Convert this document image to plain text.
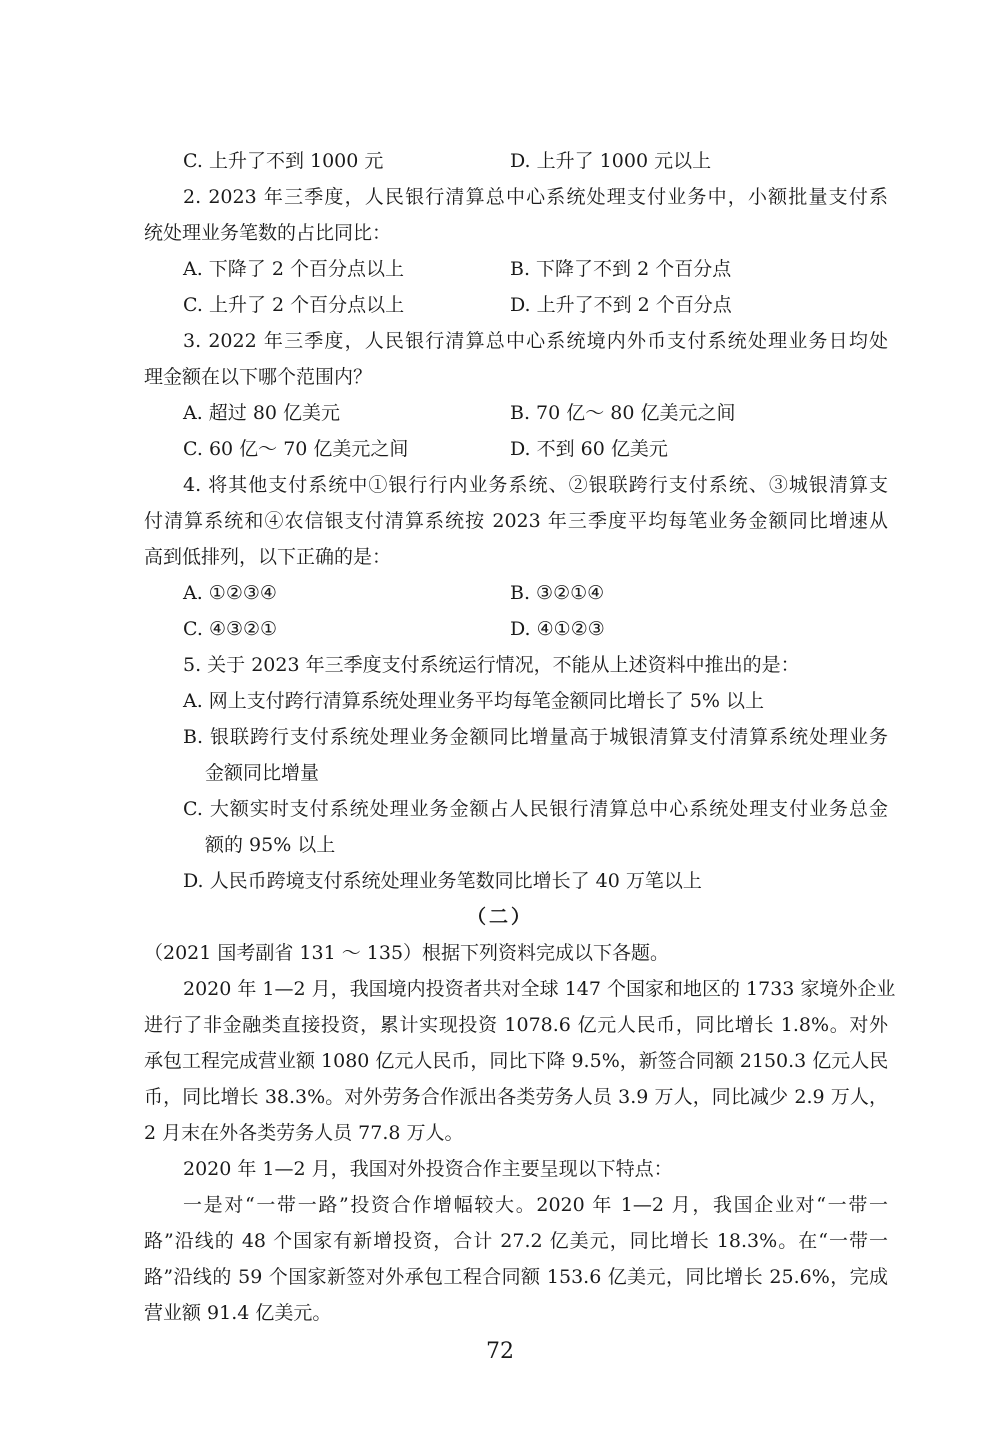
C. 上升了不到 1000 元	D. 上升了 1000 元以上
2. 2023 年三季度，人民银行清算总中心系统处理支付业务中，小额批量支付系
统处理业务笔数的占比同比：
A. 下降了 2 个百分点以上	B. 下降了不到 2 个百分点
C. 上升了 2 个百分点以上	D. 上升了不到 2 个百分点
3. 2022 年三季度，人民银行清算总中心系统境内外币支付系统处理业务日均处
理金额在以下哪个范围内？
A. 超过 80 亿美元	B. 70 亿～ 80 亿美元之间
C. 60 亿～ 70 亿美元之间	D. 不到 60 亿美元
4. 将其他支付系统中①银行行内业务系统、②银联跨行支付系统、③城银清算支
付清算系统和④农信银支付清算系统按 2023 年三季度平均每笔业务金额同比增速从
高到低排列，以下正确的是：
A. ①②③④	B. ③②①④
C. ④③②①	D. ④①②③
5. 关于 2023 年三季度支付系统运行情况，不能从上述资料中推出的是：
A. 网上支付跨行清算系统处理业务平均每笔金额同比增长了 5% 以上
B. 银联跨行支付系统处理业务金额同比增量高于城银清算支付清算系统处理业务
金额同比增量
C. 大额实时支付系统处理业务金额占人民银行清算总中心系统处理支付业务总金
额的 95% 以上
D. 人民币跨境支付系统处理业务笔数同比增长了 40 万笔以上
（二）
（2021 国考副省 131 ～ 135）根据下列资料完成以下各题。
2020 年 1—2 月，我国境内投资者共对全球 147 个国家和地区的 1733 家境外企业
进行了非金融类直接投资，累计实现投资 1078.6 亿元人民币，同比增长 1.8%。对外
承包工程完成营业额 1080 亿元人民币，同比下降 9.5%，新签合同额 2150.3 亿元人民
币，同比增长 38.3%。对外劳务合作派出各类劳务人员 3.9 万人，同比减少 2.9 万人，
2 月末在外各类劳务人员 77.8 万人。
2020 年 1—2 月，我国对外投资合作主要呈现以下特点：
一是对“一带一路”投资合作增幅较大。2020 年 1—2 月，我国企业对“一带一
路”沿线的 48 个国家有新增投资，合计 27.2 亿美元，同比增长 18.3%。在“一带一
路”沿线的 59 个国家新签对外承包工程合同额 153.6 亿美元，同比增长 25.6%，完成
营业额 91.4 亿美元。
72
